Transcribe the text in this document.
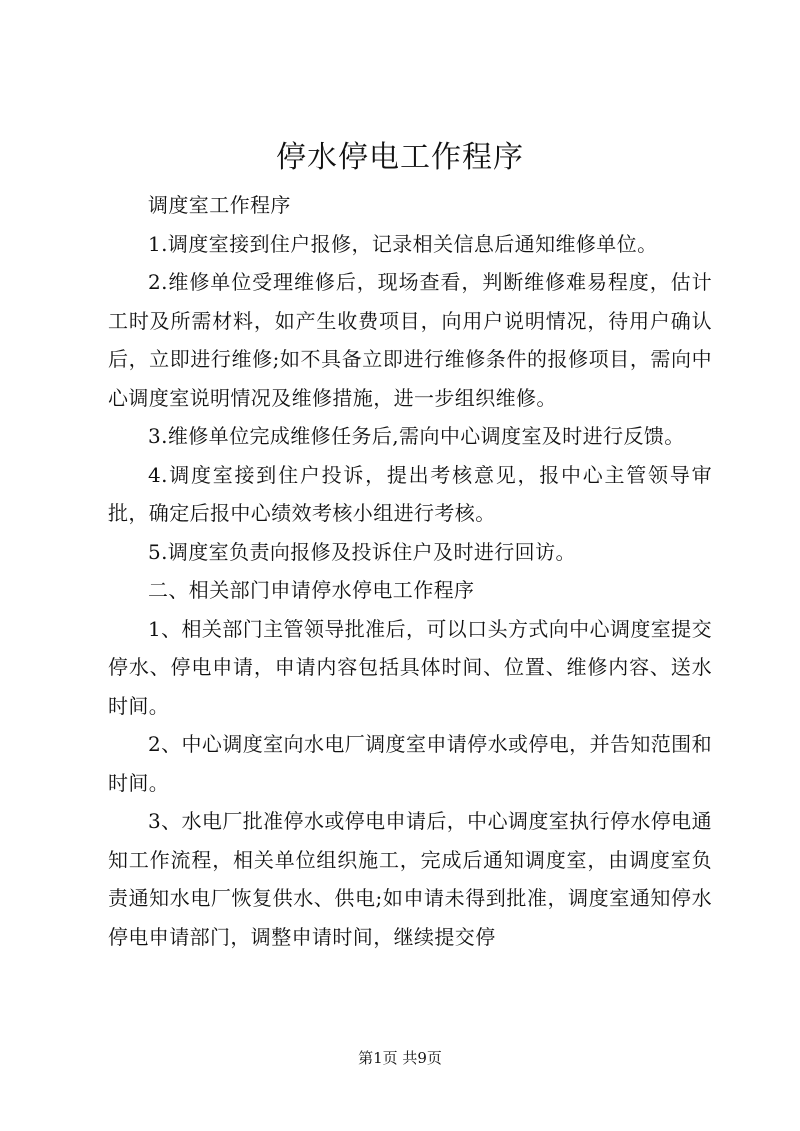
停水停电工作程序

调度室工作程序

1.调度室接到住户报修，记录相关信息后通知维修单位。

2.维修单位受理维修后，现场查看，判断维修难易程度，估计工时及所需材料，如产生收费项目，向用户说明情况，待用户确认后，立即进行维修;如不具备立即进行维修条件的报修项目，需向中心调度室说明情况及维修措施，进一步组织维修。

3.维修单位完成维修任务后,需向中心调度室及时进行反馈。

4.调度室接到住户投诉，提出考核意见，报中心主管领导审批，确定后报中心绩效考核小组进行考核。

5.调度室负责向报修及投诉住户及时进行回访。

二、相关部门申请停水停电工作程序

1、相关部门主管领导批准后，可以口头方式向中心调度室提交停水、停电申请，申请内容包括具体时间、位置、维修内容、送水时间。

2、中心调度室向水电厂调度室申请停水或停电，并告知范围和时间。

3、水电厂批准停水或停电申请后，中心调度室执行停水停电通知工作流程，相关单位组织施工，完成后通知调度室，由调度室负责通知水电厂恢复供水、供电;如申请未得到批准，调度室通知停水停电申请部门，调整申请时间，继续提交停

第1页 共9页
